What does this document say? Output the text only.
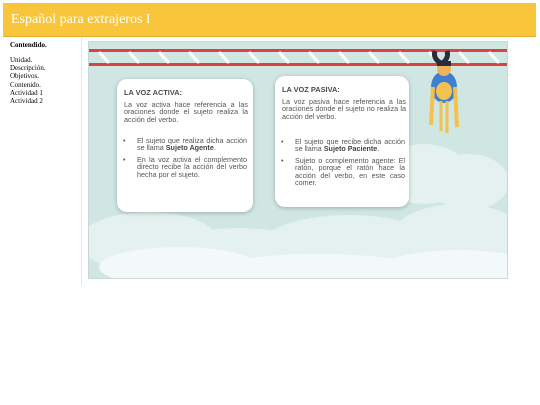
Español para extrajeros I
Contendido.
Unidad.
Descripción.
Objetivos.
Contenido.
Actividad 1
Actividad 2
LA VOZ ACTIVA:
La voz activa hace referencia a las oraciones donde el sujeto realiza la acción del verbo.
• El sujeto que realiza dicha acción se llama Sujeto Agente.
• En la voz activa el complemento directo recibe la acción del verbo hecha por el sujeto.
LA VOZ PASIVA:
La voz pasiva hace referencia a las oraciones donde el sujeto no realiza la acción del verbo.
• El sujeto que recibe dicha acción se llama Sujeto Paciente.
• Sujeto o complemento agente: El ratón, porque el ratón hace la acción del verbo, en este caso comer.
